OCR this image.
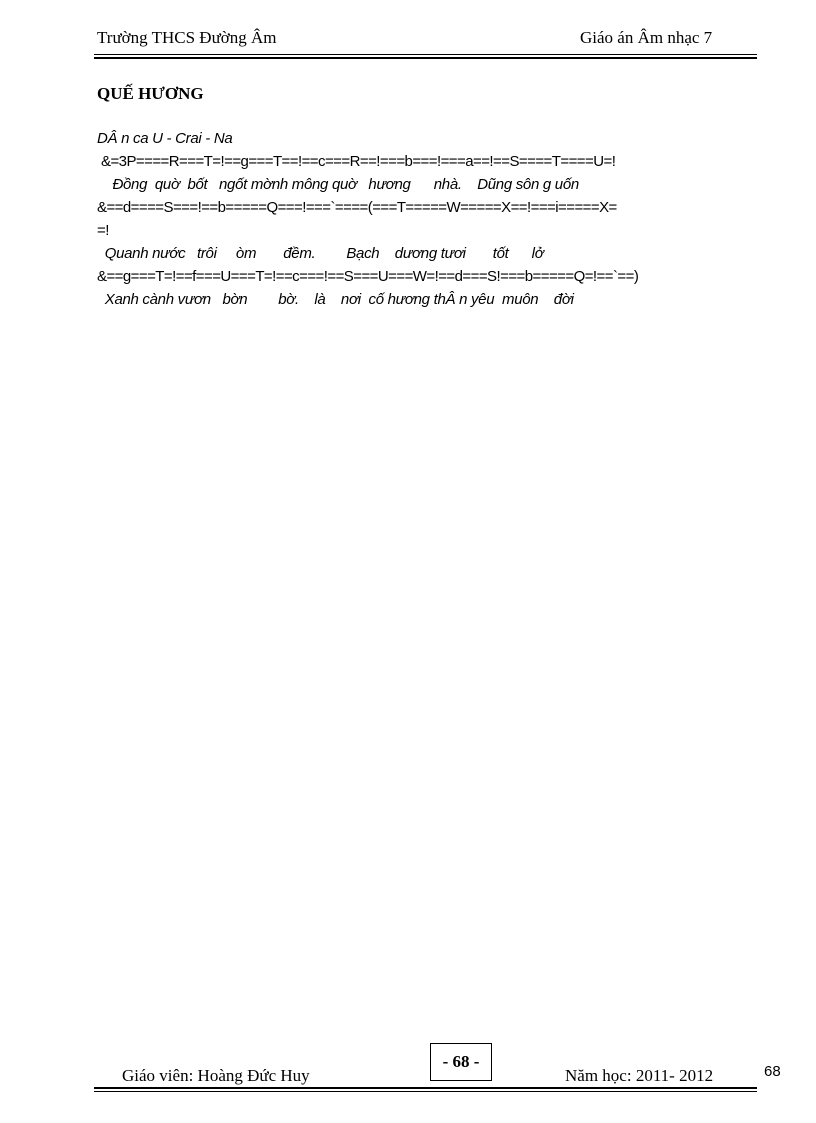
Trường THCS Đường Âm	Giáo án Âm nhạc 7
QUẾ HƯƠNG
DÂ n ca U - Crai - Na
&=3P====R===T=!==g===T==!==c===R==!===b===!===a==!==S====T====U=!
Đồng  quờ  bốt   ngốt mờnh mông quờ   hương      nhà.    Dũng sôn g uốn
&==d====S===!==b=====Q===!===`====(===T=====W=====X==!===i=====X=
=!
Quanh nước   trôi     òm       đềm.        Bạch    dương tươi       tốt      lở
&==g===T=!==f===U===T=!==c===!==S===U===W=!==d===S!===b=====Q=!==`==)
Xanh cành vươn   bờn        bờ.    là    nơi  cố hương thÂ n yêu  muôn    đời
- 68 -
Giáo viên: Hoàng Đức Huy	Năm học: 2011- 2012	68
